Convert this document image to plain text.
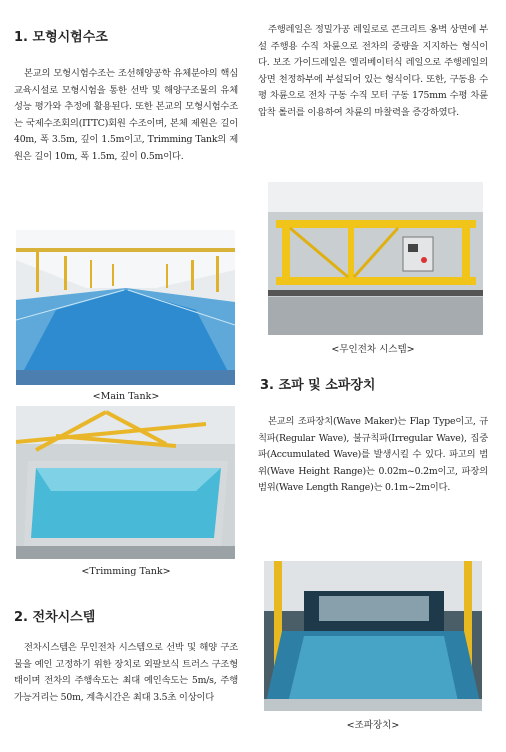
1. 모형시험수조

본교의 모형시험수조는 조선해양공학 유체분야의 핵심 교육시설로 모형시험을 통한 선박 및 해양구조물의 유체성능 평가와 추정에 활용된다. 또한 본교의 모형시험수조는 국제수조회의(ITTC)회원 수조이며, 본체 제원은 길이 40m, 폭 3.5m, 깊이 1.5m이고, Trimming Tank의 제원은 길이 10m, 폭 1.5m, 깊이 0.5m이다.

<Main Tank>
<Trimming Tank>
2. 전차시스템

전차시스템은 무인전차 시스템으로 선박 및 해양 구조물을 예인 고정하기 위한 장치로 외팔보식 트러스 구조형태이며 전차의 주행속도는 최대 예인속도는 5m/s, 주행가능거리는 50m, 계측시간은 최대 3.5초 이상이다

주행레일은 정밀가공 레일로로 콘크리트 옹벽 상면에 부설 주행용 수직 차륜으로 전차의 중량을 지지하는 형식이다. 보조 가이드레일은 엘리베이터식 레일으로 주행레일의 상면 천정하부에 부설되어 있는 형식이다. 또한, 구동용 수평 차륜으로 전차 구동 수직 모터 구동 175mm 수평 차륜 압착 롤러를 이용하여 차륜의 마찰력을 증강하였다.

<무인전차 시스템>
3. 조파 및 소파장치

본교의 조파장치(Wave Maker)는 Flap Type이고, 규칙파(Regular Wave), 불규칙파(Irregular Wave), 집중파(Accumulated Wave)를 발생시킬 수 있다. 파고의 범위(Wave Height Range)는 0.02m~0.2m이고, 파장의 범위(Wave Length Range)는 0.1m~2m이다.

<조파장치>
